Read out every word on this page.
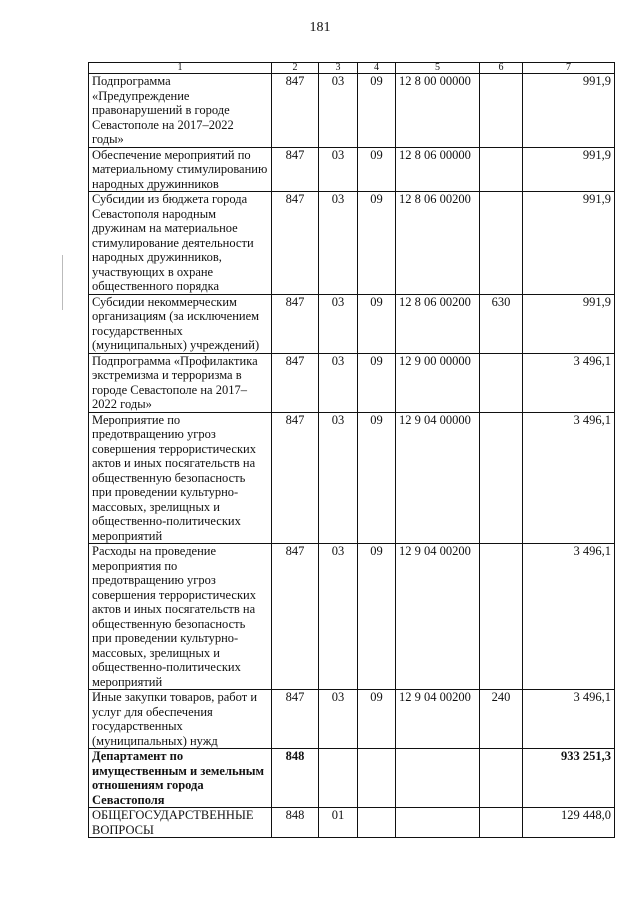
181
1	2	3	4	5	6	7
Подпрограмма «Предупреждение правонарушений в городе Севастополе на 2017–2022 годы»	847	03	09	12 8 00 00000		991,9
Обеспечение мероприятий по материальному стимулированию народных дружинников	847	03	09	12 8 06 00000		991,9
Субсидии из бюджета города Севастополя народным дружинам на материальное стимулирование деятельности народных дружинников, участвующих в охране общественного порядка	847	03	09	12 8 06 00200		991,9
Субсидии некоммерческим организациям (за исключением государственных (муниципальных) учреждений)	847	03	09	12 8 06 00200	630	991,9
Подпрограмма «Профилактика экстремизма и терроризма в городе Севастополе на 2017–2022 годы»	847	03	09	12 9 00 00000		3 496,1
Мероприятие по предотвращению угроз совершения террористических актов и иных посягательств на общественную безопасность при проведении культурно-массовых, зрелищных и общественно-политических мероприятий	847	03	09	12 9 04 00000		3 496,1
Расходы на проведение мероприятия по предотвращению угроз совершения террористических актов и иных посягательств на общественную безопасность при проведении культурно-массовых, зрелищных и общественно-политических мероприятий	847	03	09	12 9 04 00200		3 496,1
Иные закупки товаров, работ и услуг для обеспечения государственных (муниципальных) нужд	847	03	09	12 9 04 00200	240	3 496,1
Департамент по имущественным и земельным отношениям города Севастополя	848					933 251,3
ОБЩЕГОСУДАРСТВЕННЫЕ ВОПРОСЫ	848	01				129 448,0
